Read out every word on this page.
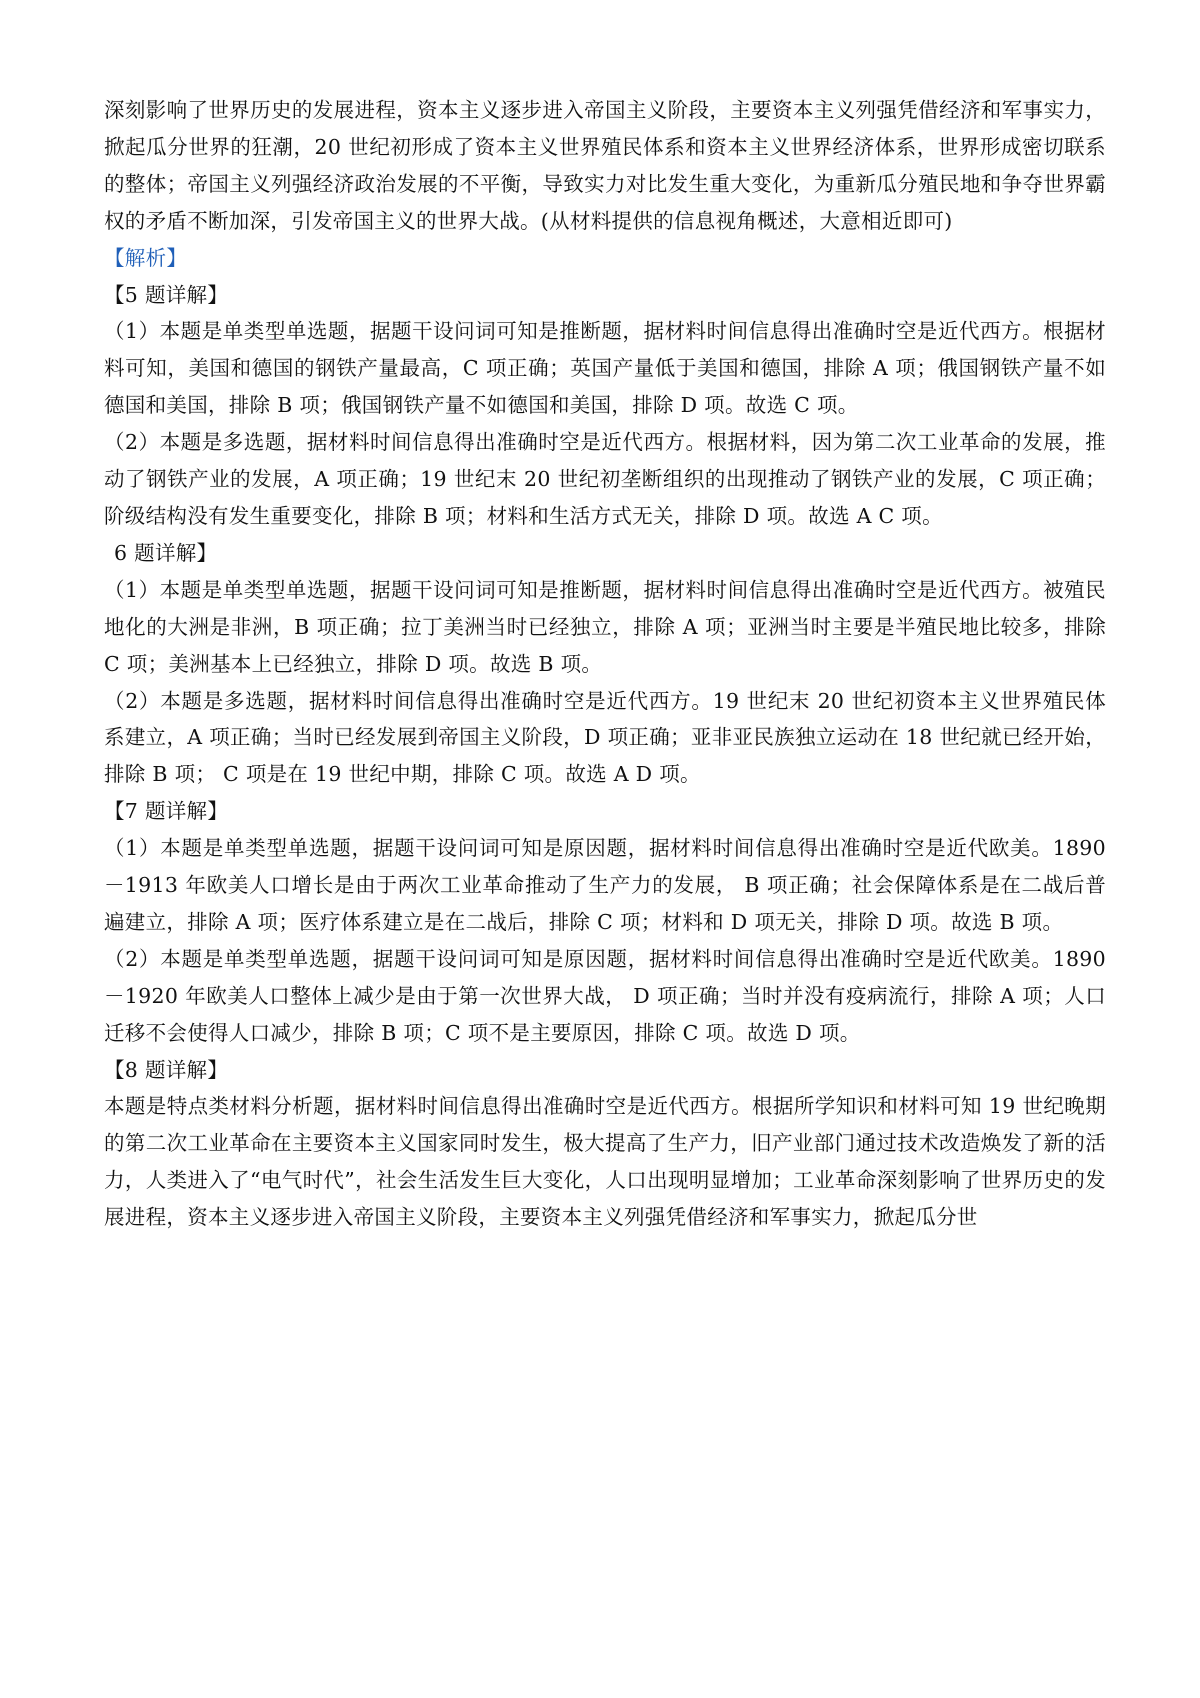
深刻影响了世界历史的发展进程，资本主义逐步进入帝国主义阶段，主要资本主义列强凭借经济和军事实力，掀起瓜分世界的狂潮，20 世纪初形成了资本主义世界殖民体系和资本主义世界经济体系，世界形成密切联系的整体；帝国主义列强经济政治发展的不平衡，导致实力对比发生重大变化，为重新瓜分殖民地和争夺世界霸权的矛盾不断加深，引发帝国主义的世界大战。(从材料提供的信息视角概述，大意相近即可)

【解析】

【5 题详解】

（1）本题是单类型单选题，据题干设问词可知是推断题，据材料时间信息得出准确时空是近代西方。根据材料可知，美国和德国的钢铁产量最高，C 项正确；英国产量低于美国和德国，排除 A 项；俄国钢铁产量不如德国和美国，排除 B 项；俄国钢铁产量不如德国和美国，排除 D 项。故选 C 项。

（2）本题是多选题，据材料时间信息得出准确时空是近代西方。根据材料，因为第二次工业革命的发展，推动了钢铁产业的发展，A 项正确；19 世纪末 20 世纪初垄断组织的出现推动了钢铁产业的发展，C 项正确；阶级结构没有发生重要变化，排除 B 项；材料和生活方式无关，排除 D 项。故选 A C 项。

6 题详解】

（1）本题是单类型单选题，据题干设问词可知是推断题，据材料时间信息得出准确时空是近代西方。被殖民地化的大洲是非洲，B 项正确；拉丁美洲当时已经独立，排除 A 项；亚洲当时主要是半殖民地比较多，排除 C 项；美洲基本上已经独立，排除 D 项。故选 B 项。

（2）本题是多选题，据材料时间信息得出准确时空是近代西方。19 世纪末 20 世纪初资本主义世界殖民体系建立，A 项正确；当时已经发展到帝国主义阶段，D 项正确；亚非亚民族独立运动在 18 世纪就已经开始，排除 B 项； C 项是在 19 世纪中期，排除 C 项。故选 A D 项。

【7 题详解】

（1）本题是单类型单选题，据题干设问词可知是原因题，据材料时间信息得出准确时空是近代欧美。1890－1913 年欧美人口增长是由于两次工业革命推动了生产力的发展， B 项正确；社会保障体系是在二战后普遍建立，排除 A 项；医疗体系建立是在二战后，排除 C 项；材料和 D 项无关，排除 D 项。故选 B 项。

（2）本题是单类型单选题，据题干设问词可知是原因题，据材料时间信息得出准确时空是近代欧美。1890－1920 年欧美人口整体上减少是由于第一次世界大战， D 项正确；当时并没有疫病流行，排除 A 项；人口迁移不会使得人口减少，排除 B 项；C 项不是主要原因，排除 C 项。故选 D 项。

【8 题详解】

本题是特点类材料分析题，据材料时间信息得出准确时空是近代西方。根据所学知识和材料可知 19 世纪晚期的第二次工业革命在主要资本主义国家同时发生，极大提高了生产力，旧产业部门通过技术改造焕发了新的活力，人类进入了“电气时代”，社会生活发生巨大变化，人口出现明显增加；工业革命深刻影响了世界历史的发展进程，资本主义逐步进入帝国主义阶段，主要资本主义列强凭借经济和军事实力，掀起瓜分世
